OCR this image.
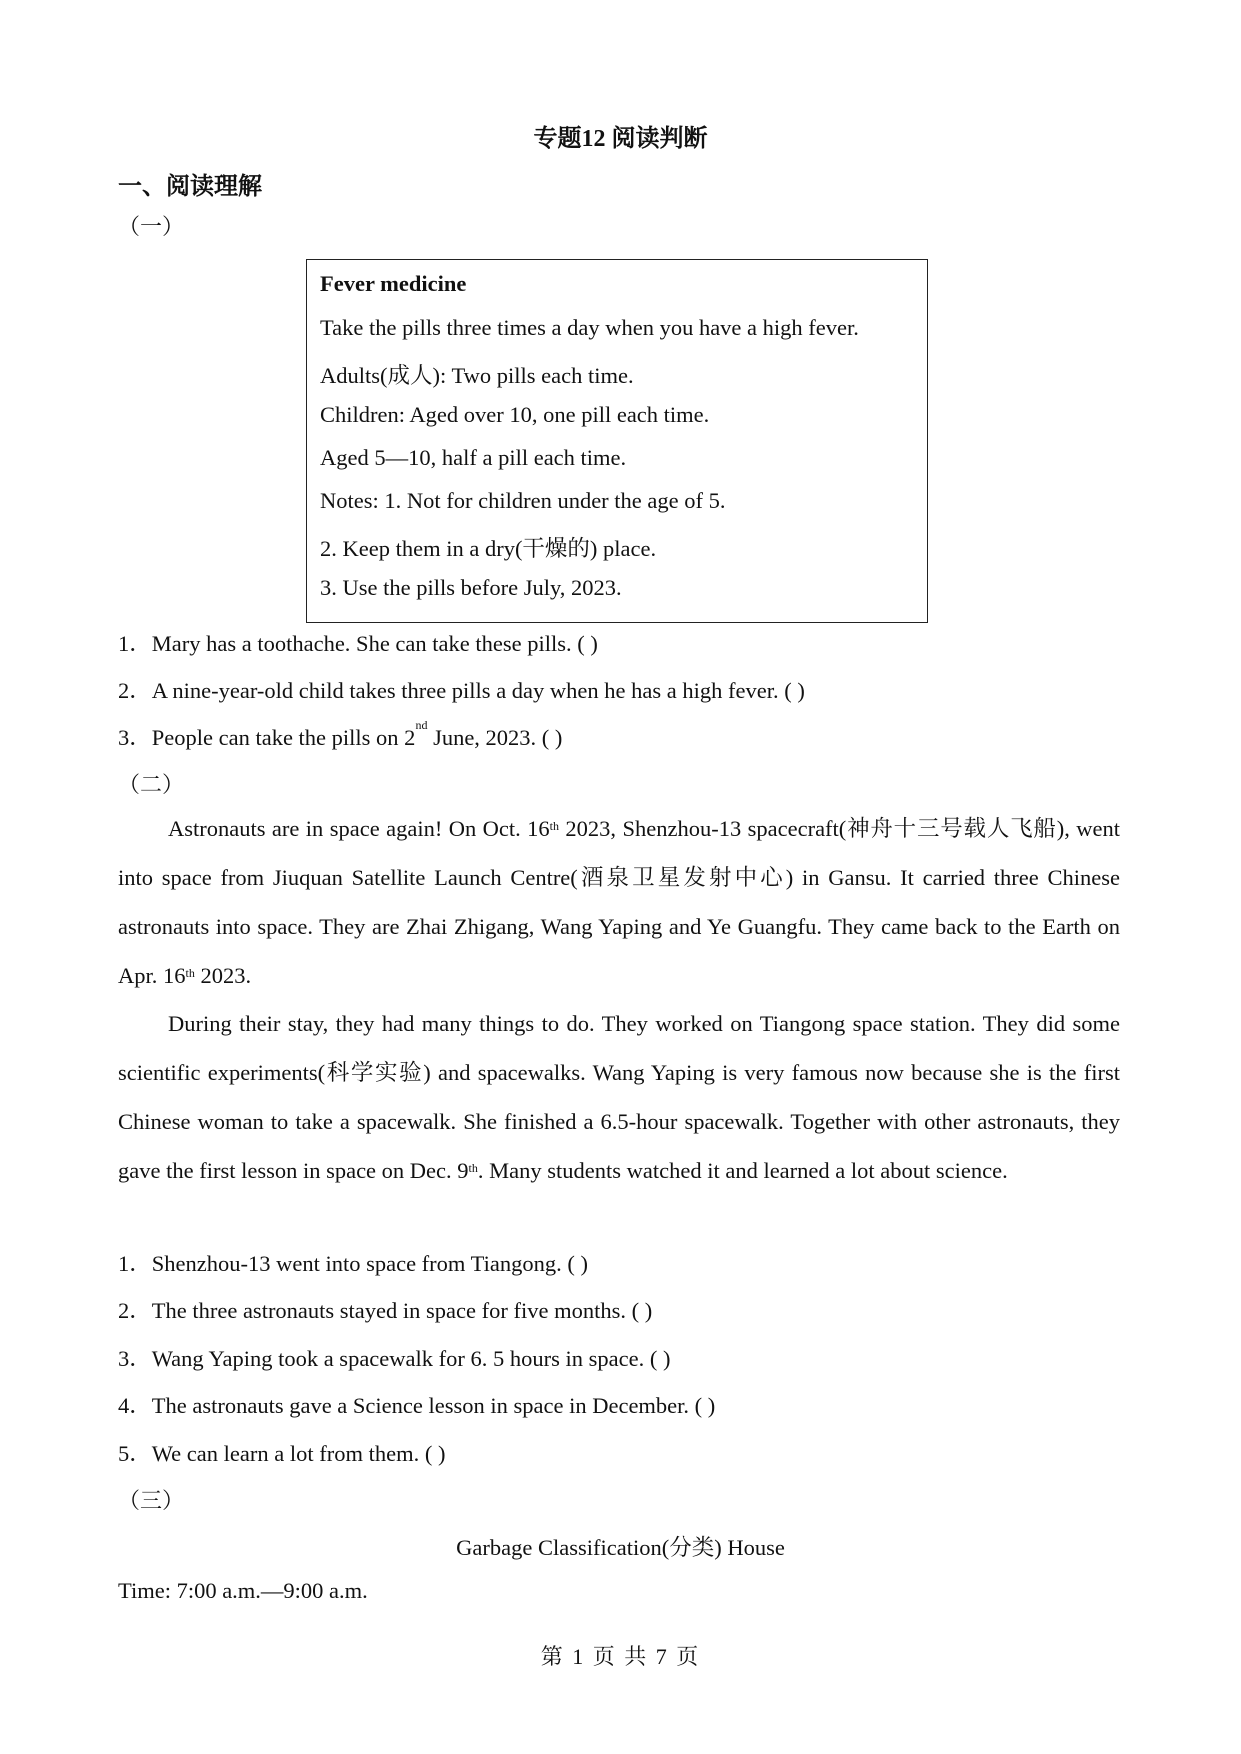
专题12 阅读判断
一、阅读理解
（一）
Fever medicine
Take the pills three times a day when you have a high fever.
Adults(成人): Two pills each time.
Children: Aged over 10, one pill each time.
Aged 5—10, half a pill each time.
Notes: 1. Not for children under the age of 5.
2. Keep them in a dry(干燥的) place.
3. Use the pills before July, 2023.
1．Mary has a toothache. She can take these pills. ( )
2．A nine-year-old child takes three pills a day when he has a high fever. ( )
3．People can take the pills on 2nd June, 2023. ( )
（二）

Astronauts are in space again! On Oct. 16th 2023, Shenzhou-13 spacecraft(神舟十三号载人飞船), went into space from Jiuquan Satellite Launch Centre(酒泉卫星发射中心) in Gansu. It carried three Chinese astronauts into space. They are Zhai Zhigang, Wang Yaping and Ye Guangfu. They came back to the Earth on Apr. 16th 2023.

During their stay, they had many things to do. They worked on Tiangong space station. They did some scientific experiments(科学实验) and spacewalks. Wang Yaping is very famous now because she is the first Chinese woman to take a spacewalk. She finished a 6.5-hour spacewalk. Together with other astronauts, they gave the first lesson in space on Dec. 9th. Many students watched it and learned a lot about science.

1．Shenzhou-13 went into space from Tiangong. ( )
2．The three astronauts stayed in space for five months. ( )
3．Wang Yaping took a spacewalk for 6. 5 hours in space. ( )
4．The astronauts gave a Science lesson in space in December. ( )
5．We can learn a lot from them. ( )
（三）
Garbage Classification(分类) House
Time: 7:00 a.m.—9:00 a.m.
第 1 页 共 7 页
